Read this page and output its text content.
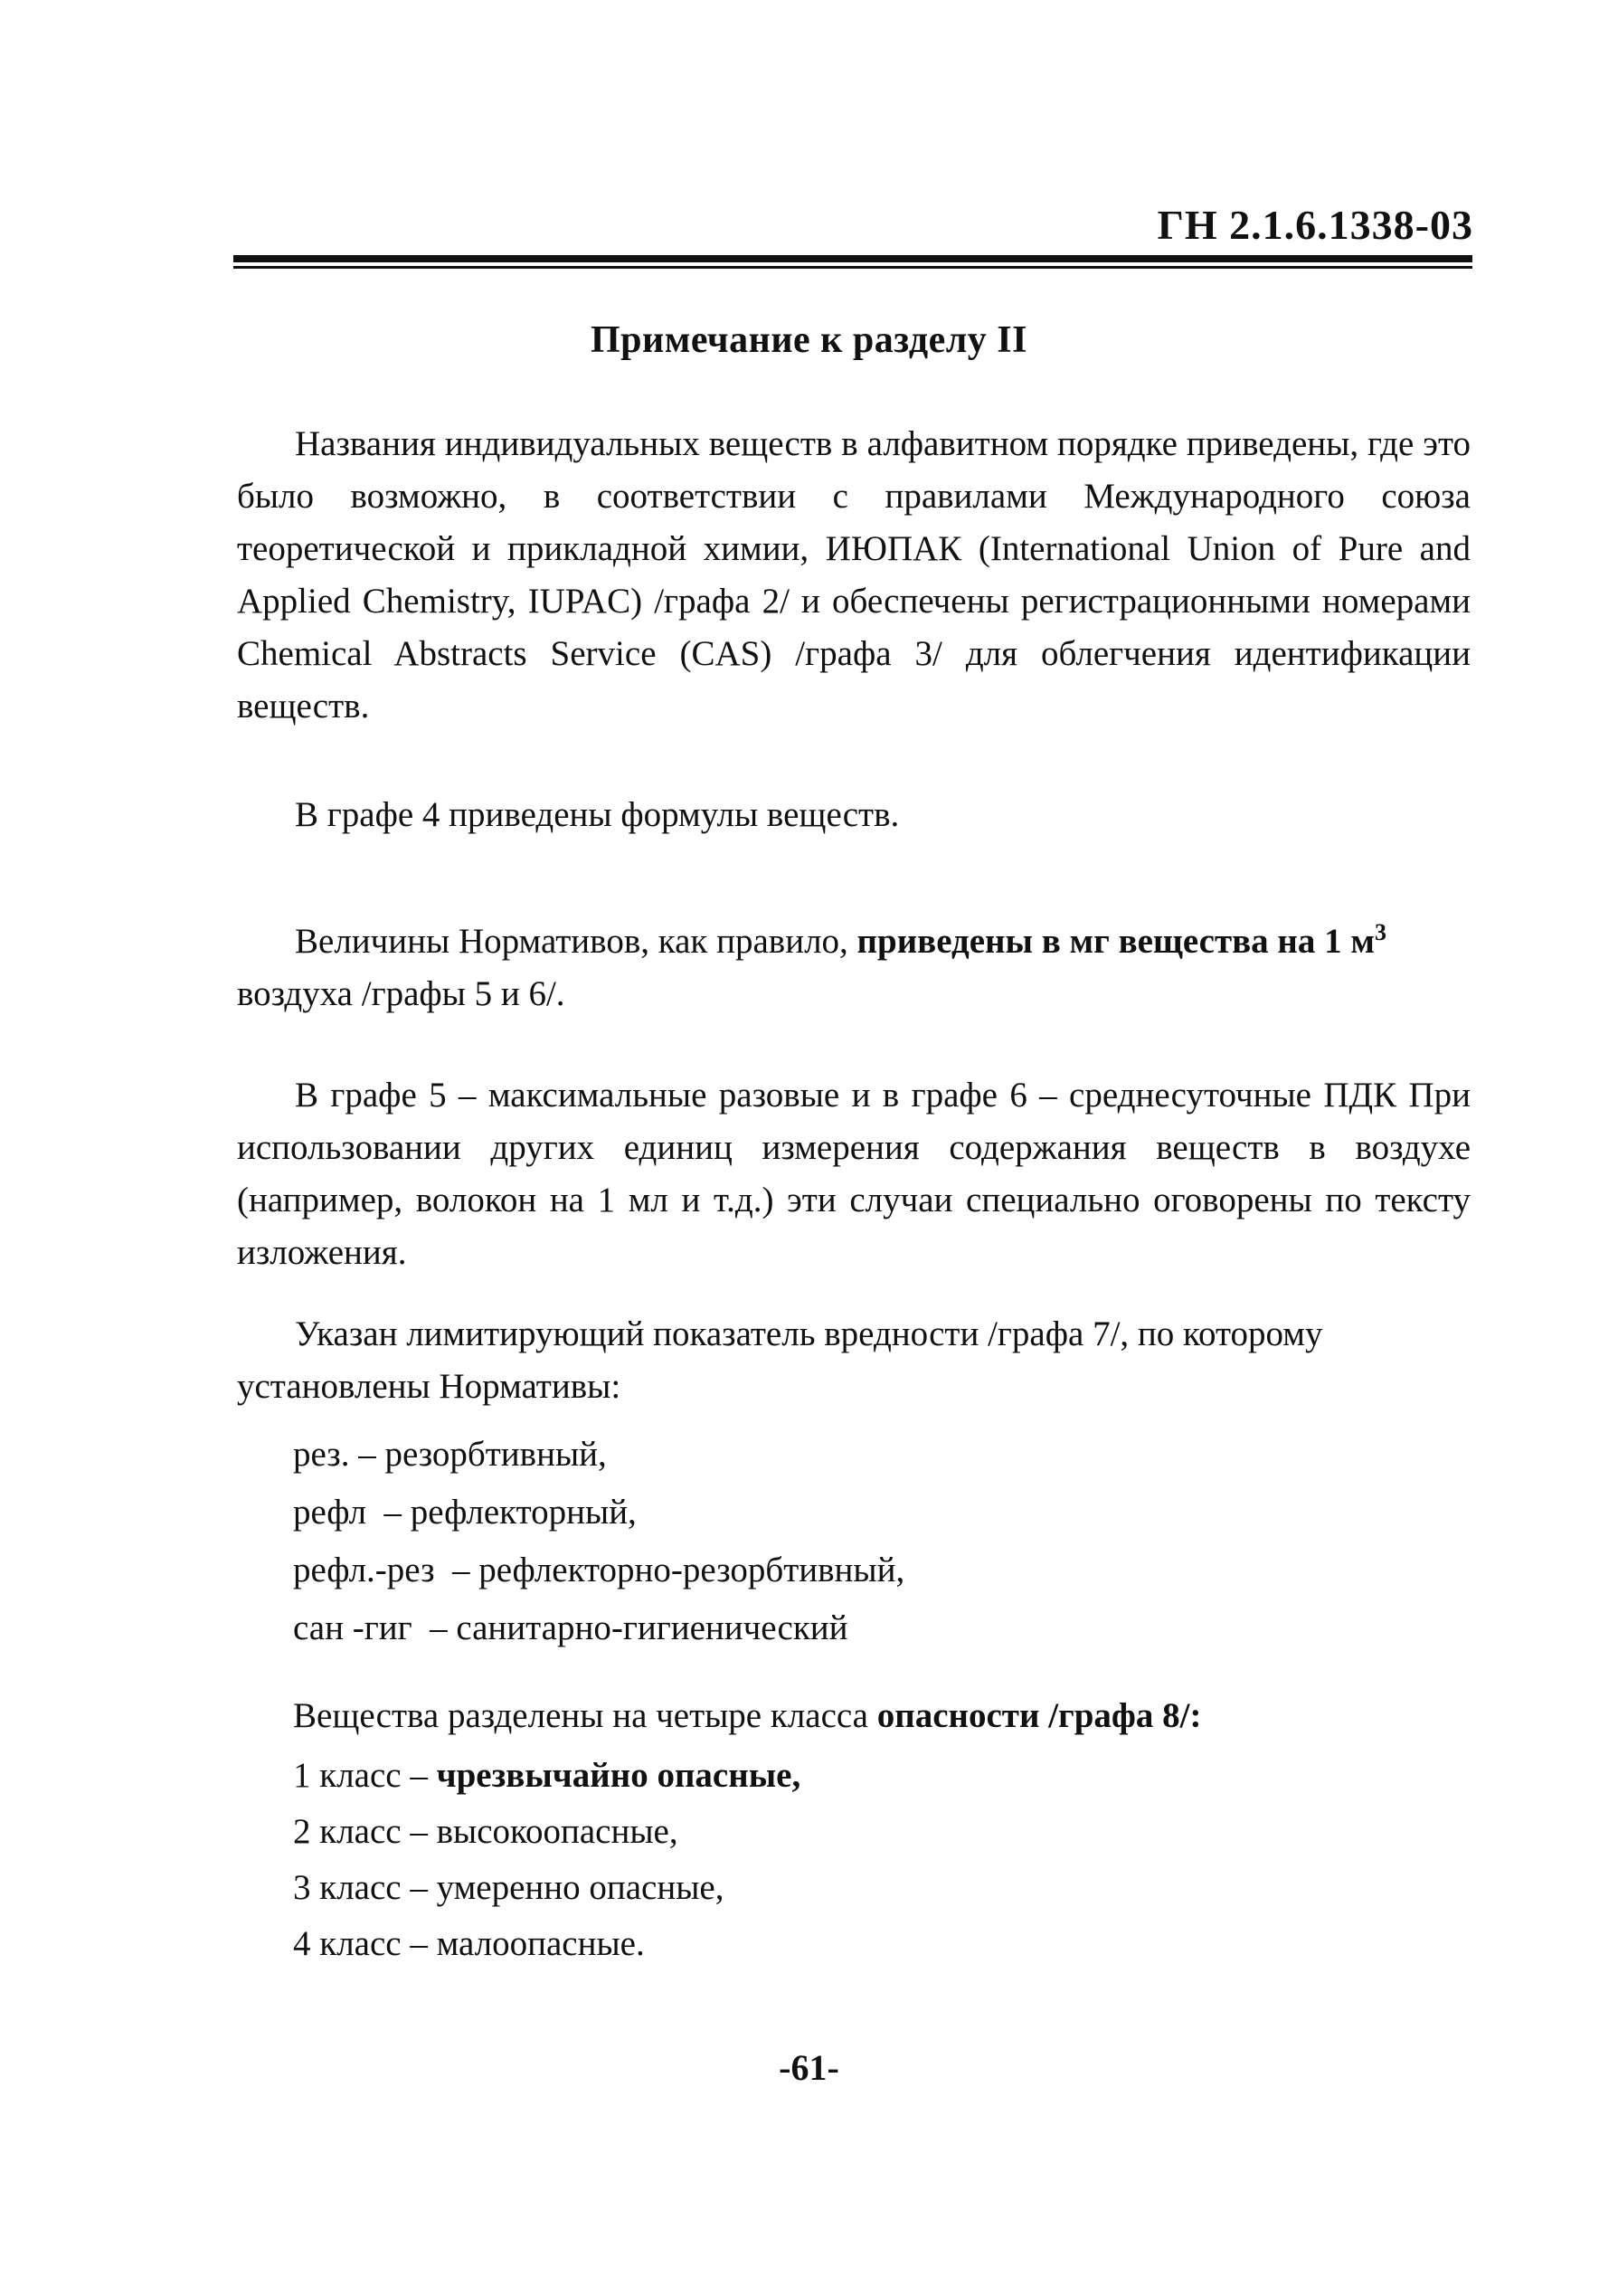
ГН 2.1.6.1338-03

Примечание к разделу II

Названия индивидуальных веществ в алфавитном порядке приведены, где это было возможно, в соответствии с правилами Международного союза теоретической и прикладной химии, ИЮПАК (International Union of Pure and Applied Chemistry, IUPAC) /графа 2/ и обеспечены регистрационными номерами Chemical Abstracts Service (CAS) /графа 3/ для облегчения идентификации веществ.

В графе 4 приведены формулы веществ.

Величины Нормативов, как правило, приведены в мг вещества на 1 $м^3$
воздуха /графы 5 и 6/.

В графе 5 – максимальные разовые и в графе 6 – среднесуточные ПДК При использовании других единиц измерения содержания веществ в воздухе (например, волокон на 1 мл и т.д.) эти случаи специально оговорены по тексту изложения.

Указан лимитирующий показатель вредности /графа 7/, по которому установлены Нормативы:

рез. – резорбтивный,
рефл  – рефлекторный,
рефл.-рез  – рефлекторно-резорбтивный,
сан -гиг  – санитарно-гигиенический

Вещества разделены на четыре класса опасности /графа 8/:

1 класс – чрезвычайно опасные,
2 класс – высокоопасные,
3 класс – умеренно опасные,
4 класс – малоопасные.

-61-
